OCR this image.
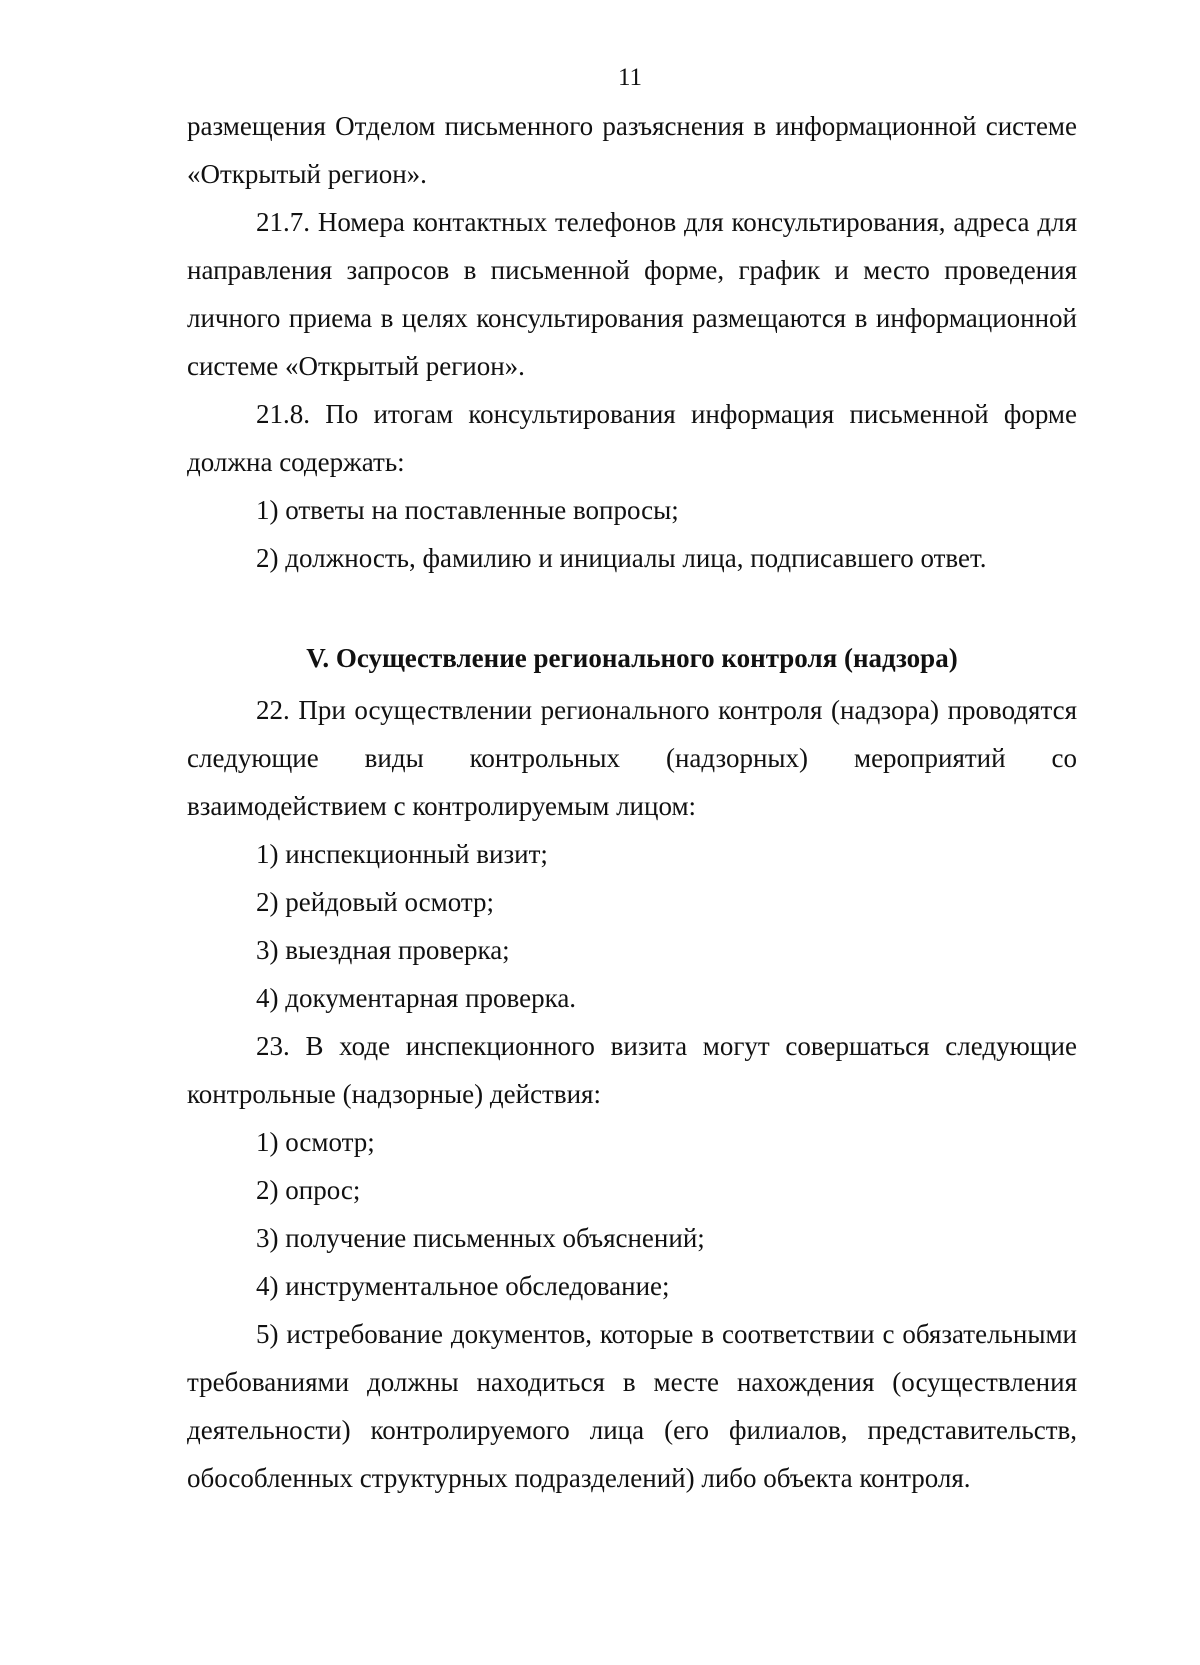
11

размещения Отделом письменного разъяснения в информационной системе «Открытый регион».

21.7. Номера контактных телефонов для консультирования, адреса для направления запросов в письменной форме, график и место проведения личного приема в целях консультирования размещаются в информационной системе «Открытый регион».

21.8. По итогам консультирования информация письменной форме должна содержать:

1) ответы на поставленные вопросы;

2) должность, фамилию и инициалы лица, подписавшего ответ.

V. Осуществление регионального контроля (надзора)

22. При осуществлении регионального контроля (надзора) проводятся следующие виды контрольных (надзорных) мероприятий со взаимодействием с контролируемым лицом:

1) инспекционный визит;

2) рейдовый осмотр;

3) выездная проверка;

4) документарная проверка.

23. В ходе инспекционного визита могут совершаться следующие контрольные (надзорные) действия:

1) осмотр;

2) опрос;

3) получение письменных объяснений;

4) инструментальное обследование;

5) истребование документов, которые в соответствии с обязательными требованиями должны находиться в месте нахождения (осуществления деятельности) контролируемого лица (его филиалов, представительств, обособленных структурных подразделений) либо объекта контроля.
